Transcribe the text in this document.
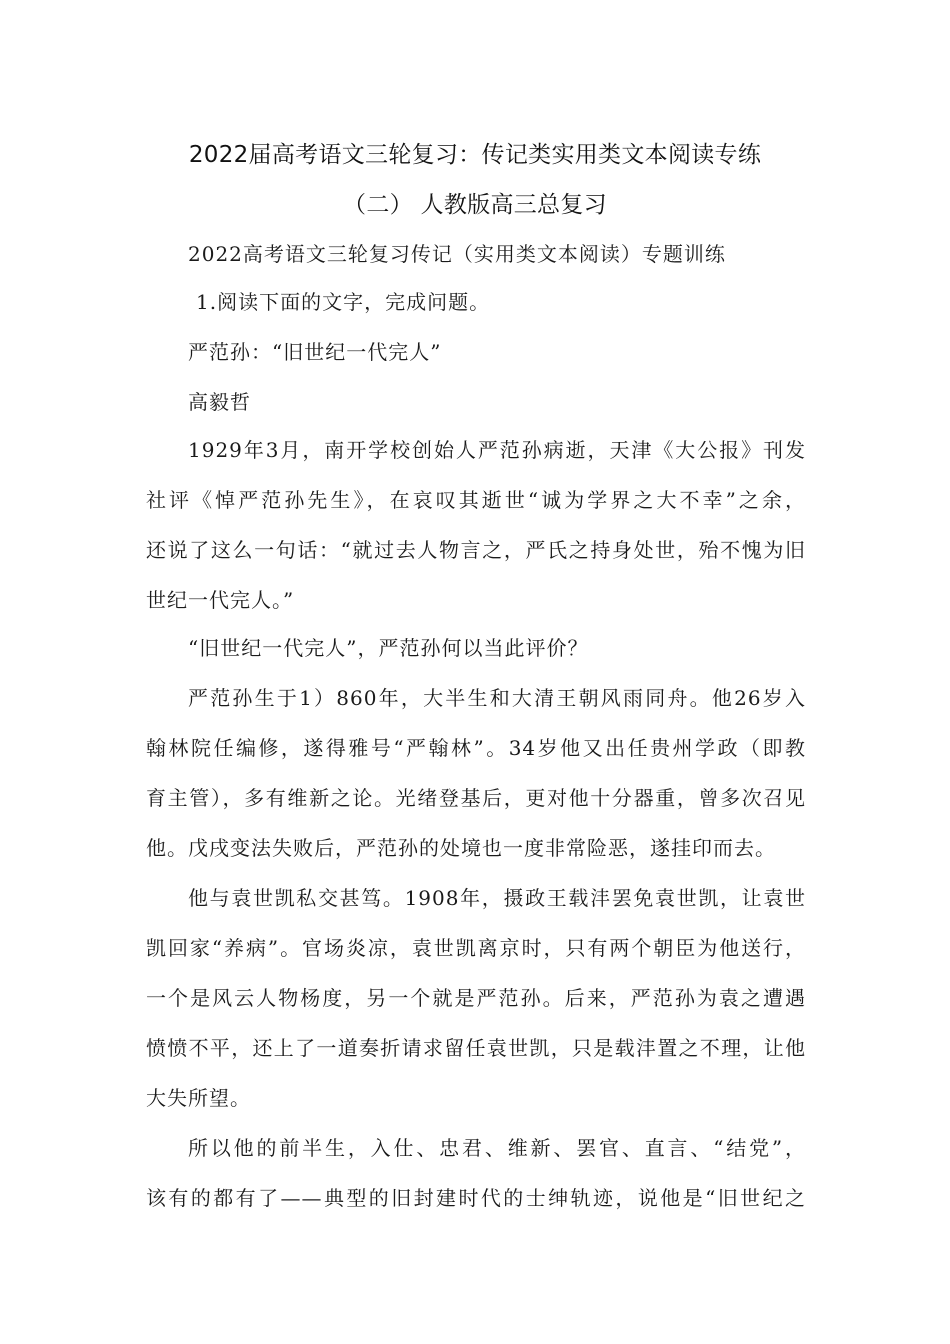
2022届高考语文三轮复习：传记类实用类文本阅读专练
（二） 人教版高三总复习
2022高考语文三轮复习传记（实用类文本阅读）专题训练
1.阅读下面的文字，完成问题。
严范孙：“旧世纪一代完人”
高毅哲
1929年3月，南开学校创始人严范孙病逝，天津《大公报》刊发
社评《悼严范孙先生》，在哀叹其逝世“诚为学界之大不幸”之余，
还说了这么一句话：“就过去人物言之，严氏之持身处世，殆不愧为旧
世纪一代完人。”
“旧世纪一代完人”，严范孙何以当此评价？
严范孙生于1）860年，大半生和大清王朝风雨同舟。他26岁入
翰林院任编修，遂得雅号“严翰林”。34岁他又出任贵州学政（即教
育主管），多有维新之论。光绪登基后，更对他十分器重，曾多次召见
他。戊戌变法失败后，严范孙的处境也一度非常险恶，遂挂印而去。
他与袁世凯私交甚笃。1908年，摄政王载沣罢免袁世凯，让袁世
凯回家“养病”。官场炎凉，袁世凯离京时，只有两个朝臣为他送行，
一个是风云人物杨度，另一个就是严范孙。后来，严范孙为袁之遭遇
愤愤不平，还上了一道奏折请求留任袁世凯，只是载沣置之不理，让他
大失所望。
所以他的前半生，入仕、忠君、维新、罢官、直言、“结党”，
该有的都有了——典型的旧封建时代的士绅轨迹，说他是“旧世纪之
